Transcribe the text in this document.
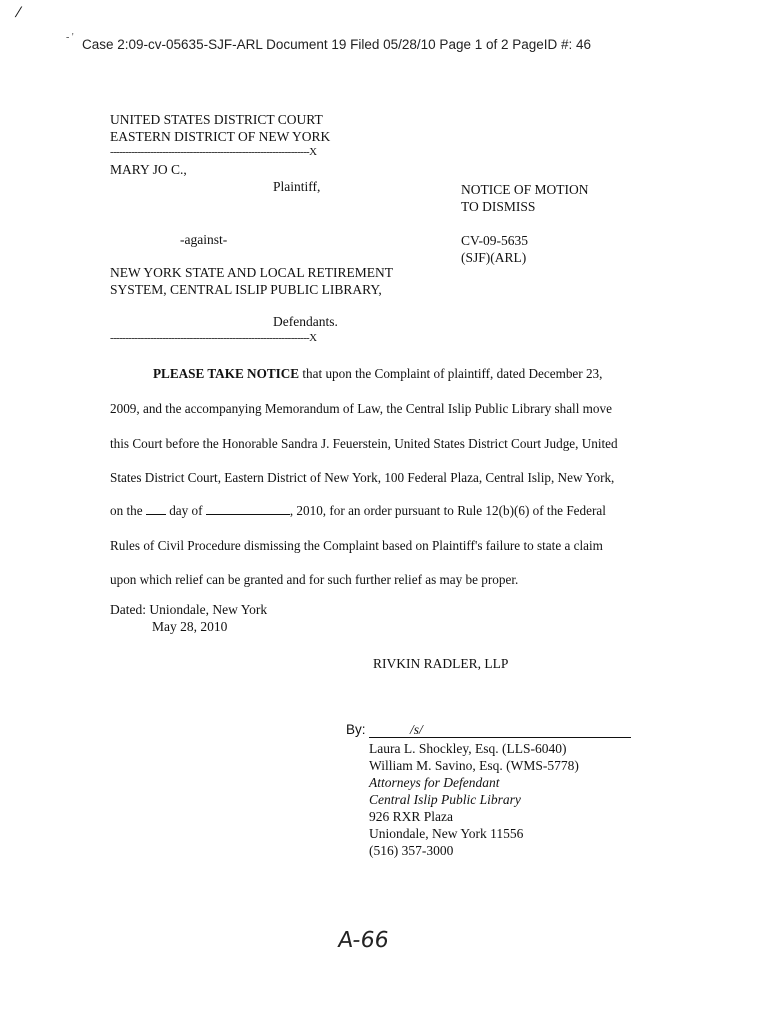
/
- ' Case 2:09-cv-05635-SJF-ARL Document 19 Filed 05/28/10 Page 1 of 2 PageID #: 46
UNITED STATES DISTRICT COURT
EASTERN DISTRICT OF NEW YORK
-----------------------------------------------------------------X
MARY JO C.,
Plaintiff,
-against-
NEW YORK STATE AND LOCAL RETIREMENT
SYSTEM, CENTRAL ISLIP PUBLIC LIBRARY,
Defendants.
-----------------------------------------------------------------X
NOTICE OF MOTION
TO DISMISS
CV-09-5635
(SJF)(ARL)
PLEASE TAKE NOTICE that upon the Complaint of plaintiff, dated December 23,
2009, and the accompanying Memorandum of Law, the Central Islip Public Library shall move
this Court before the Honorable Sandra J. Feuerstein, United States District Court Judge, United
States District Court, Eastern District of New York, 100 Federal Plaza, Central Islip, New York,
on the  day of	, 2010, for an order pursuant to Rule 12(b)(6) of the Federal
Rules of Civil Procedure dismissing the Complaint based on Plaintiff's failure to state a claim
upon which relief can be granted and for such further relief as may be proper.
Dated: Uniondale, New York
May 28, 2010
RIVKIN RADLER, LLP
By:	/s/
Laura L. Shockley, Esq. (LLS-6040)
William M. Savino, Esq. (WMS-5778)
Attorneys for Defendant
Central Islip Public Library
926 RXR Plaza
Uniondale, New York 11556
(516) 357-3000
A-66
